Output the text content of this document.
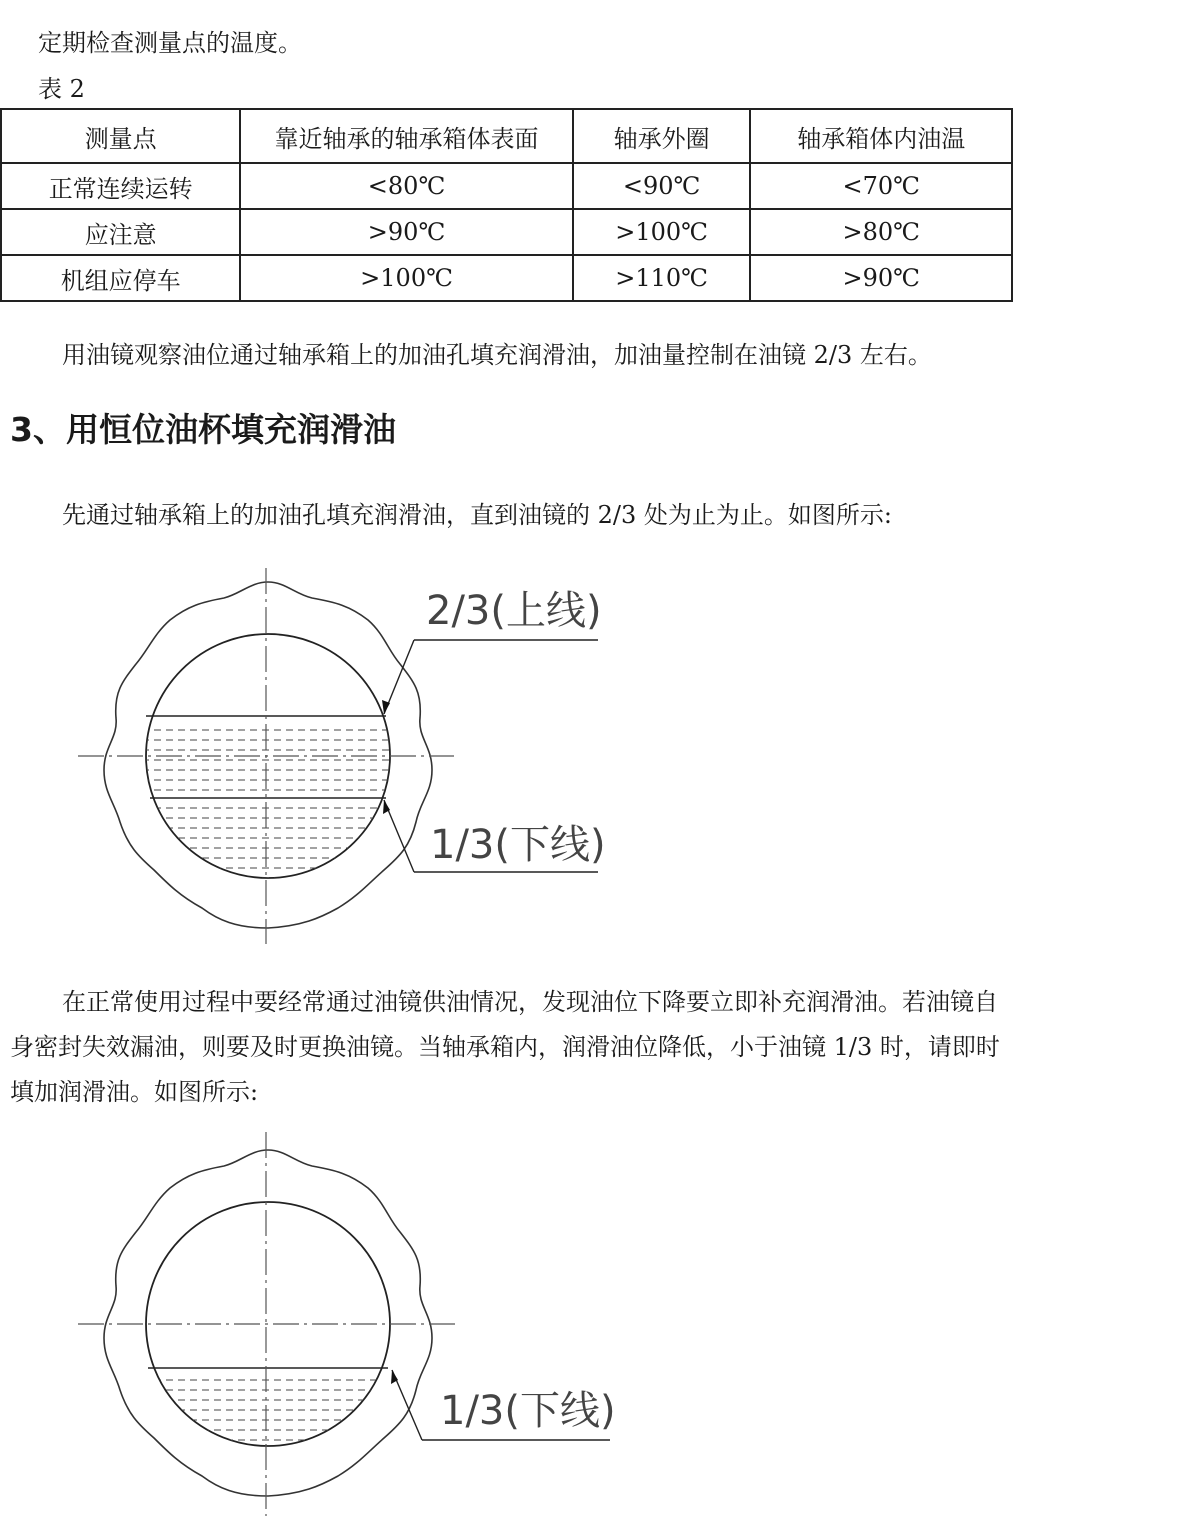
定期检查测量点的温度。
表 2
测量点	靠近轴承的轴承箱体表面	轴承外圈	轴承箱体内油温
正常连续运转	<80℃	<90℃	<70℃
应注意	>90℃	>100℃	>80℃
机组应停车	>100℃	>110℃	>90℃
用油镜观察油位通过轴承箱上的加油孔填充润滑油，加油量控制在油镜 2/3 左右。
3、用恒位油杯填充润滑油
先通过轴承箱上的加油孔填充润滑油，直到油镜的 2/3 处为止为止。如图所示:
2/3(上线)
1/3(下线)
在正常使用过程中要经常通过油镜供油情况，发现油位下降要立即补充润滑油。若油镜自
身密封失效漏油，则要及时更换油镜。当轴承箱内，润滑油位降低，小于油镜 1/3 时，请即时
填加润滑油。如图所示:
1/3(下线)
